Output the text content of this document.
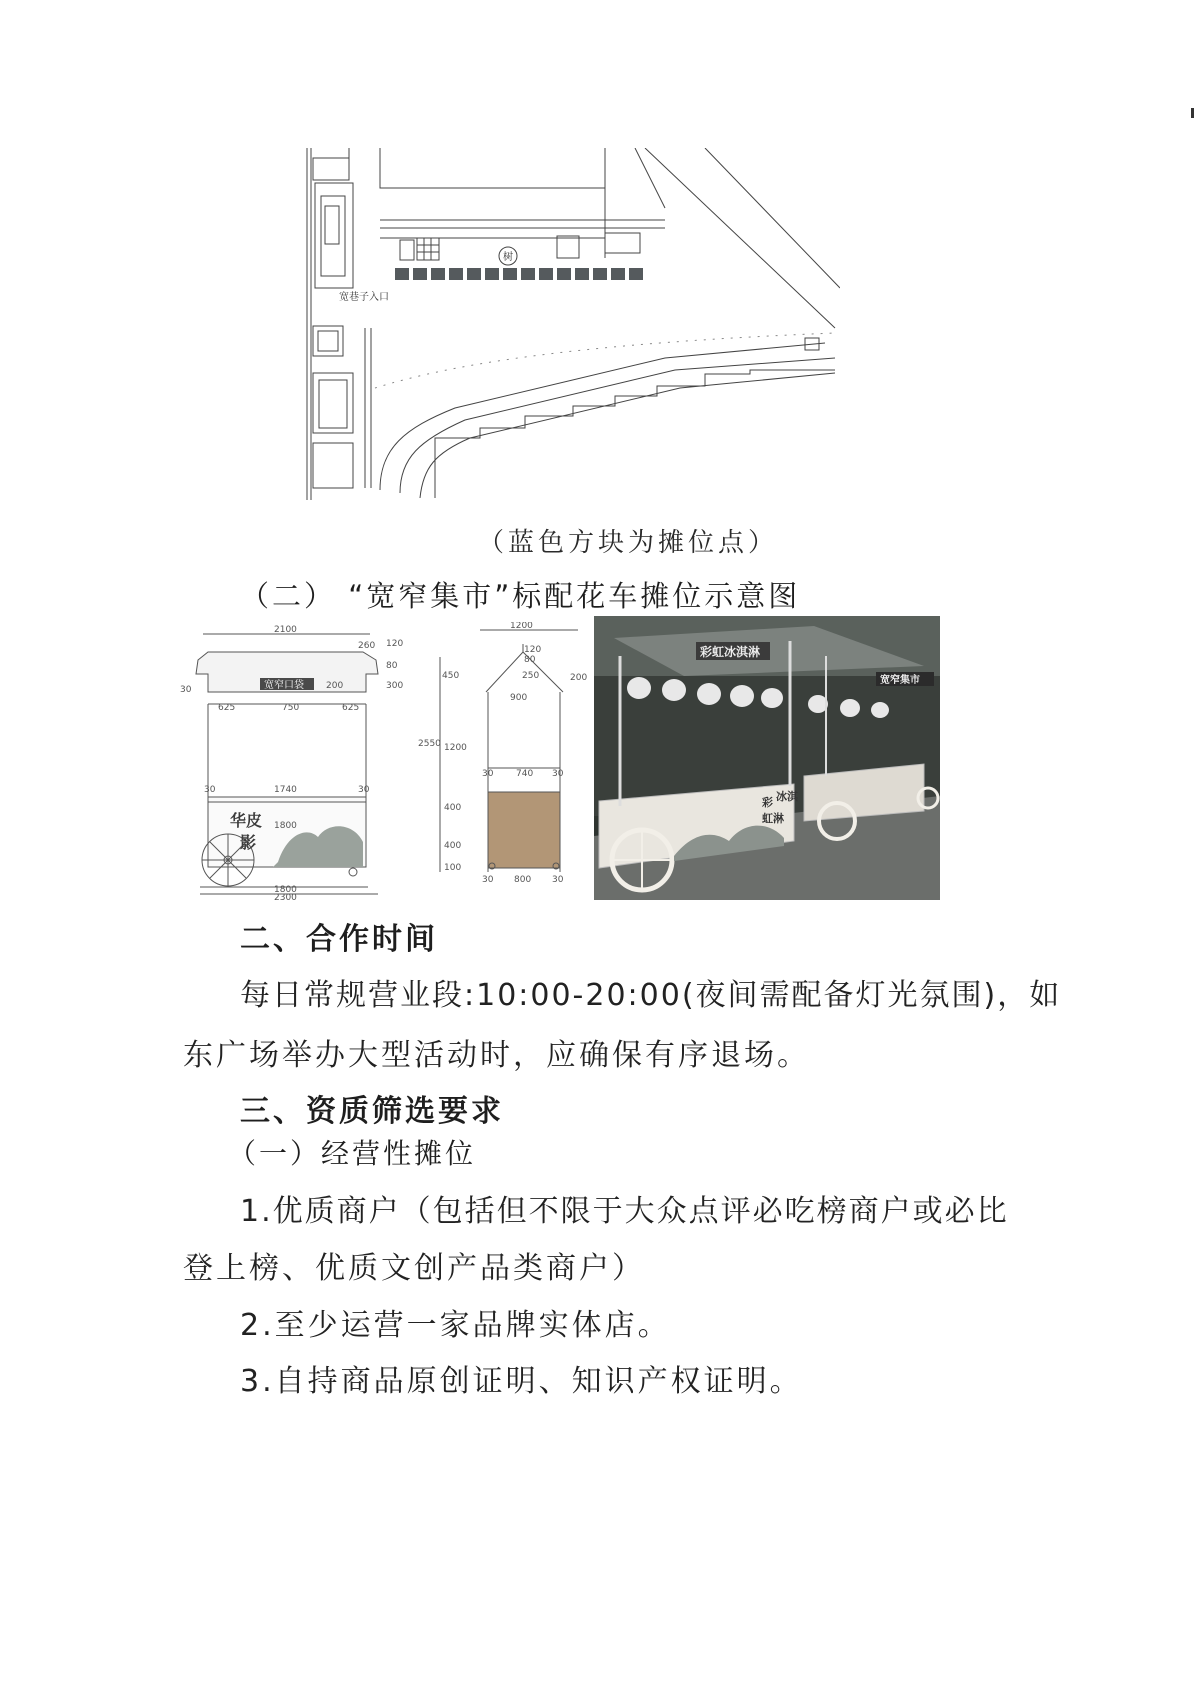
树
宽巷子入口
（蓝色方块为摊位点）
（二） “宽窄集市”标配花车摊位示意图
宽窄口袋
华皮
影
2100
260 120
80
300
200
30
625	750	625
30	1740	30
1800
1800
2300
1200
120
80
250	200
450
900
2550 1200
30	740 30
400
400
100
30 800 30
彩虹冰淇淋
宽窄集市
彩 冰淇
虹淋
二、合作时间
每日常规营业段:10:00-20:00(夜间需配备灯光氛围)，如
东广场举办大型活动时，应确保有序退场。
三、资质筛选要求
（一）经营性摊位
1.优质商户（包括但不限于大众点评必吃榜商户或必比
登上榜、优质文创产品类商户）
2.至少运营一家品牌实体店。
3.自持商品原创证明、知识产权证明。
